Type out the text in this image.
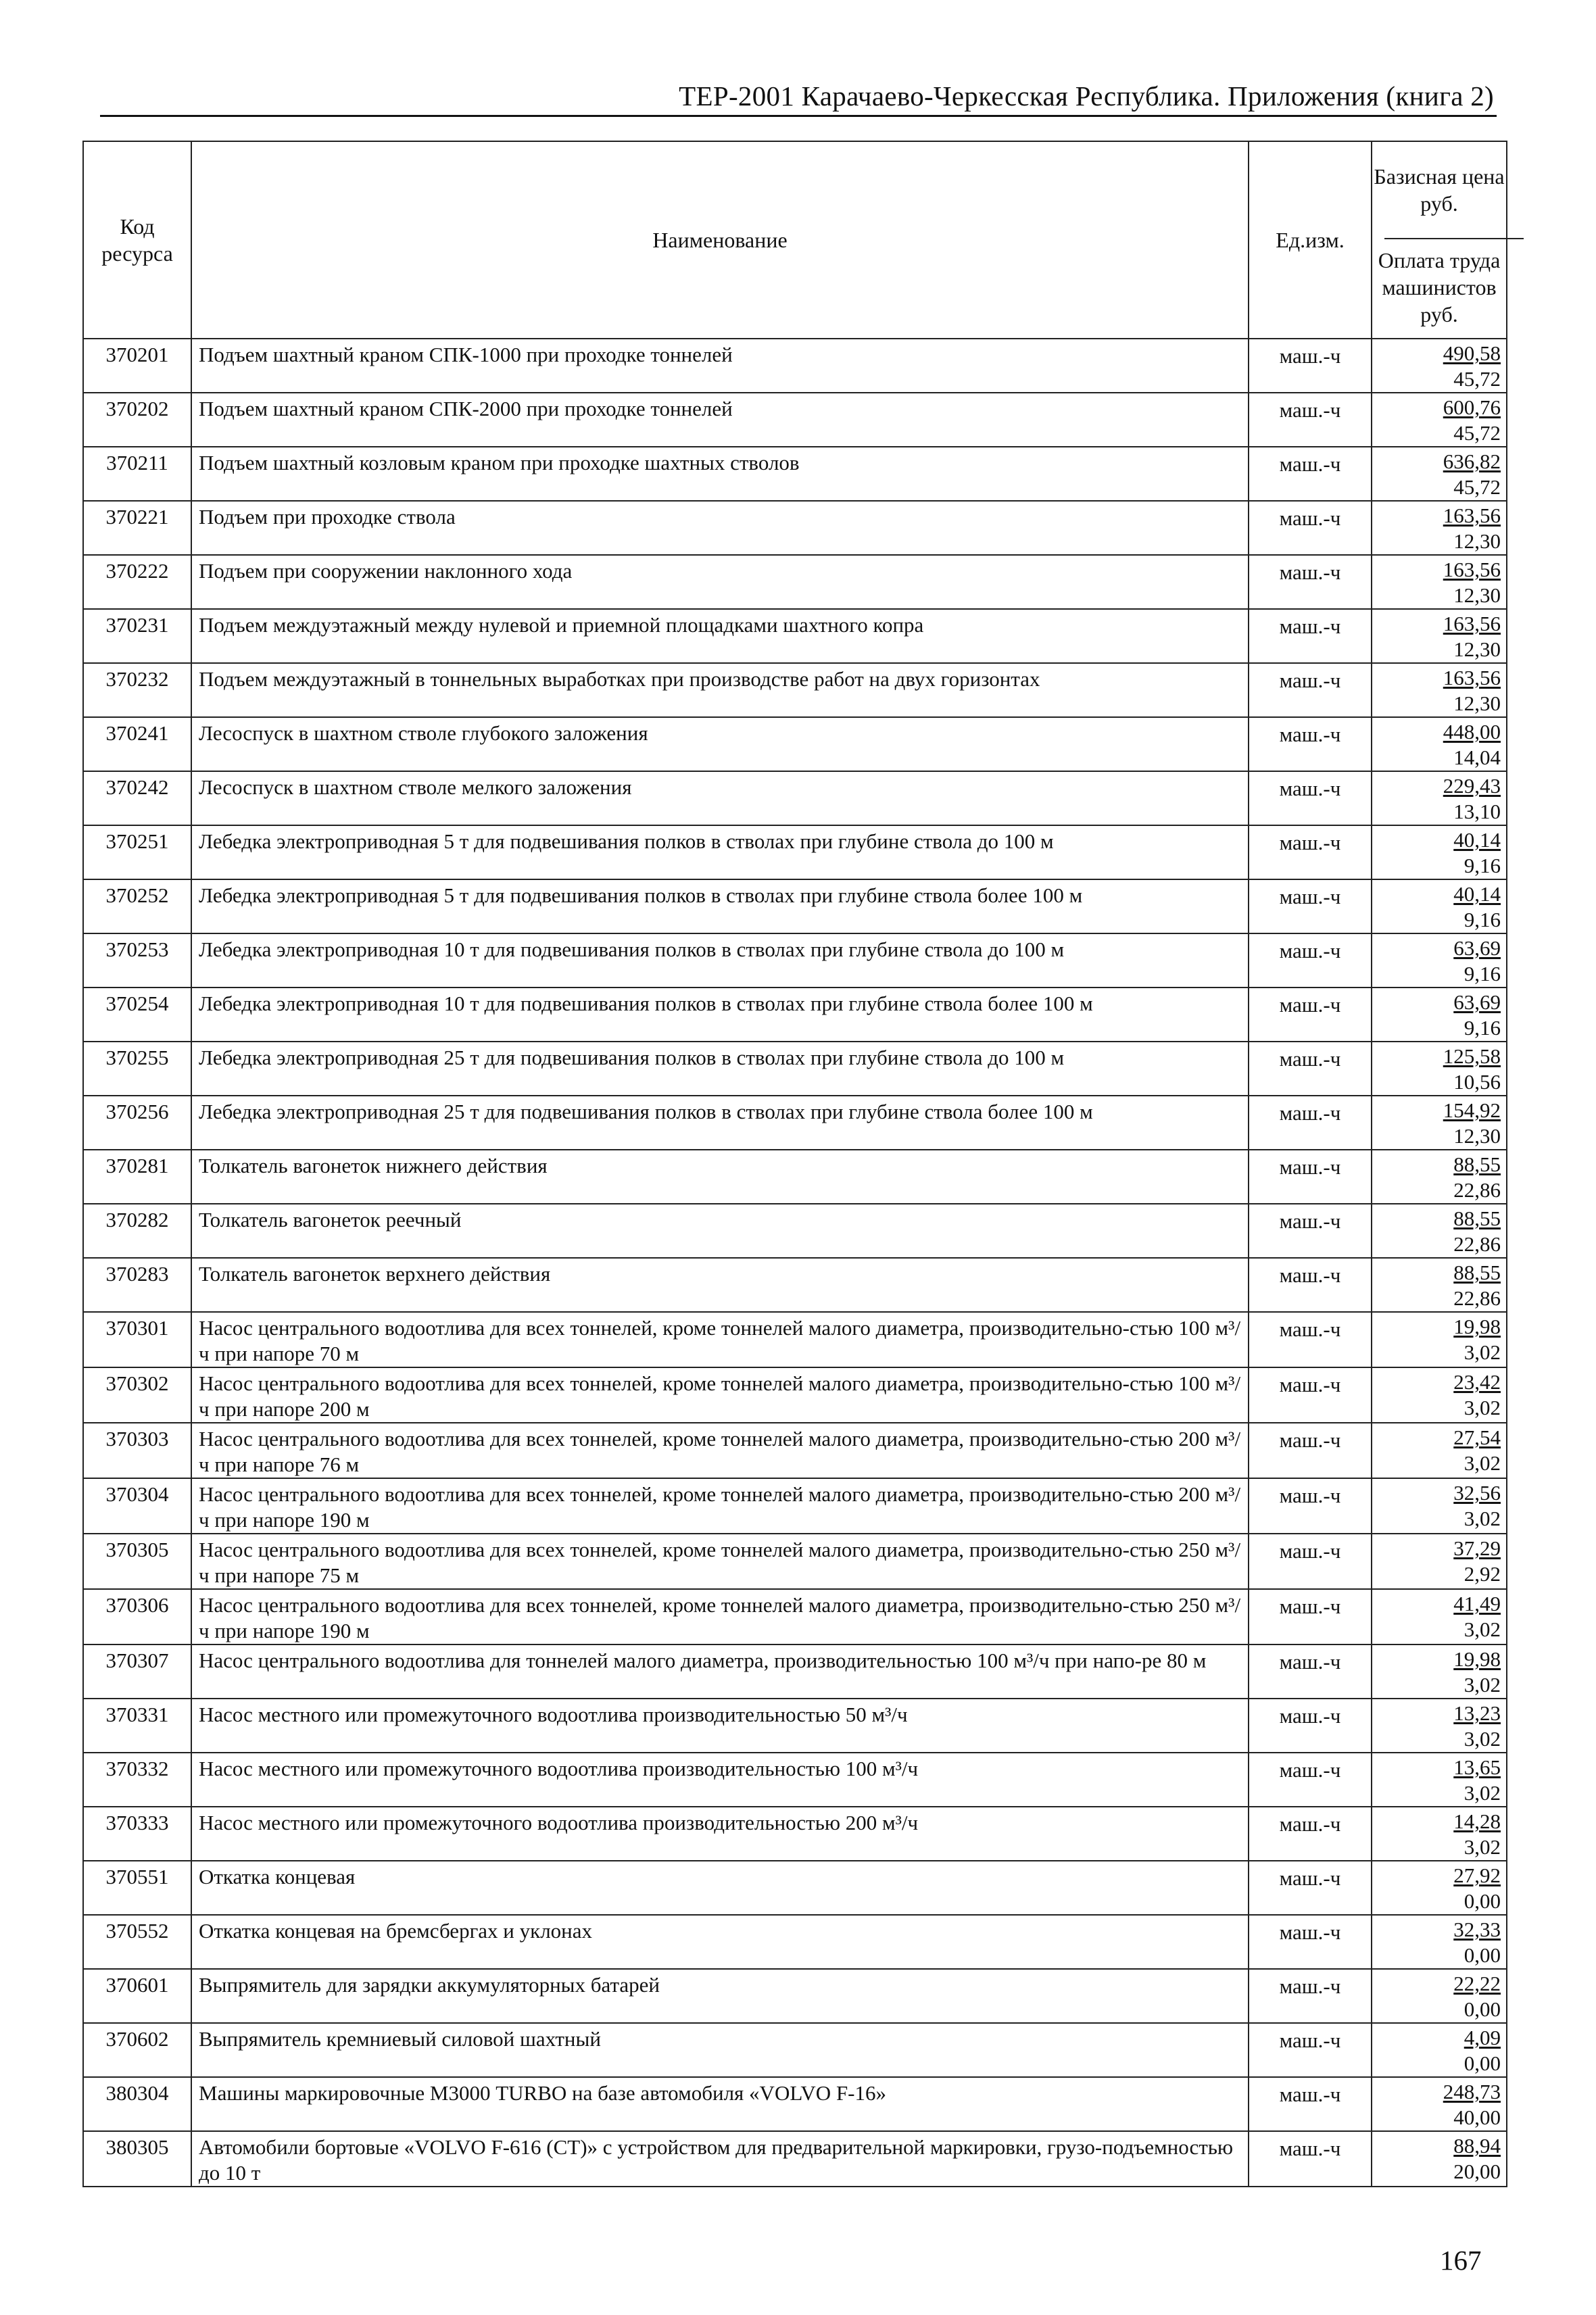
ТЕР-2001 Карачаево-Черкесская Республика. Приложения (книга 2)
Код ресурса	Наименование	Ед.изм.	Базисная цена руб.
Оплата труда машинистов руб.

370201	Подъем шахтный краном СПК-1000 при проходке тоннелей	маш.-ч	490,58
45,72

370202	Подъем шахтный краном СПК-2000 при проходке тоннелей	маш.-ч	600,76
45,72

370211	Подъем шахтный козловым краном при проходке шахтных стволов	маш.-ч	636,82
45,72

370221	Подъем при проходке ствола	маш.-ч	163,56
12,30

370222	Подъем при сооружении наклонного хода	маш.-ч	163,56
12,30

370231	Подъем междуэтажный между нулевой и приемной площадками шахтного копра	маш.-ч	163,56
12,30

370232	Подъем междуэтажный в тоннельных выработках при производстве работ на двух горизонтах	маш.-ч	163,56
12,30

370241	Лесоспуск в шахтном стволе глубокого заложения	маш.-ч	448,00
14,04

370242	Лесоспуск в шахтном стволе мелкого заложения	маш.-ч	229,43
13,10

370251	Лебедка электроприводная 5 т для подвешивания полков в стволах при глубине ствола до 100 м	маш.-ч	40,14
9,16

370252	Лебедка электроприводная 5 т для подвешивания полков в стволах при глубине ствола более 100 м	маш.-ч	40,14
9,16

370253	Лебедка электроприводная 10 т для подвешивания полков в стволах при глубине ствола до 100 м	маш.-ч	63,69
9,16

370254	Лебедка электроприводная 10 т для подвешивания полков в стволах при глубине ствола более 100 м	маш.-ч	63,69
9,16

370255	Лебедка электроприводная 25 т для подвешивания полков в стволах при глубине ствола до 100 м	маш.-ч	125,58
10,56

370256	Лебедка электроприводная 25 т для подвешивания полков в стволах при глубине ствола более 100 м	маш.-ч	154,92
12,30

370281	Толкатель вагонеток нижнего действия	маш.-ч	88,55
22,86

370282	Толкатель вагонеток реечный	маш.-ч	88,55
22,86

370283	Толкатель вагонеток верхнего действия	маш.-ч	88,55
22,86

370301	Насос центрального водоотлива для всех тоннелей, кроме тоннелей малого диаметра, производительно-стью 100 м³/ч при напоре 70 м	маш.-ч	19,98
3,02

370302	Насос центрального водоотлива для всех тоннелей, кроме тоннелей малого диаметра, производительно-стью 100 м³/ч при напоре 200 м	маш.-ч	23,42
3,02

370303	Насос центрального водоотлива для всех тоннелей, кроме тоннелей малого диаметра, производительно-стью 200 м³/ч при напоре 76 м	маш.-ч	27,54
3,02

370304	Насос центрального водоотлива для всех тоннелей, кроме тоннелей малого диаметра, производительно-стью 200 м³/ч при напоре 190 м	маш.-ч	32,56
3,02

370305	Насос центрального водоотлива для всех тоннелей, кроме тоннелей малого диаметра, производительно-стью 250 м³/ч при напоре 75 м	маш.-ч	37,29
2,92

370306	Насос центрального водоотлива для всех тоннелей, кроме тоннелей малого диаметра, производительно-стью 250 м³/ч при напоре 190 м	маш.-ч	41,49
3,02

370307	Насос центрального водоотлива для тоннелей малого диаметра, производительностью 100 м³/ч при напо-ре 80 м	маш.-ч	19,98
3,02

370331	Насос местного или промежуточного водоотлива производительностью 50 м³/ч	маш.-ч	13,23
3,02

370332	Насос местного или промежуточного водоотлива производительностью 100 м³/ч	маш.-ч	13,65
3,02

370333	Насос местного или промежуточного водоотлива производительностью 200 м³/ч	маш.-ч	14,28
3,02

370551	Откатка концевая	маш.-ч	27,92
0,00

370552	Откатка концевая на бремсбергах и уклонах	маш.-ч	32,33
0,00

370601	Выпрямитель для зарядки аккумуляторных батарей	маш.-ч	22,22
0,00

370602	Выпрямитель кремниевый силовой шахтный	маш.-ч	4,09
0,00

380304	Машины маркировочные М3000 TURBO на базе автомобиля «VOLVO F-16»	маш.-ч	248,73
40,00

380305	Автомобили бортовые «VOLVO F-616 (CT)» с устройством для предварительной маркировки, грузо-подъемностью до 10 т	маш.-ч	88,94
20,00
167
